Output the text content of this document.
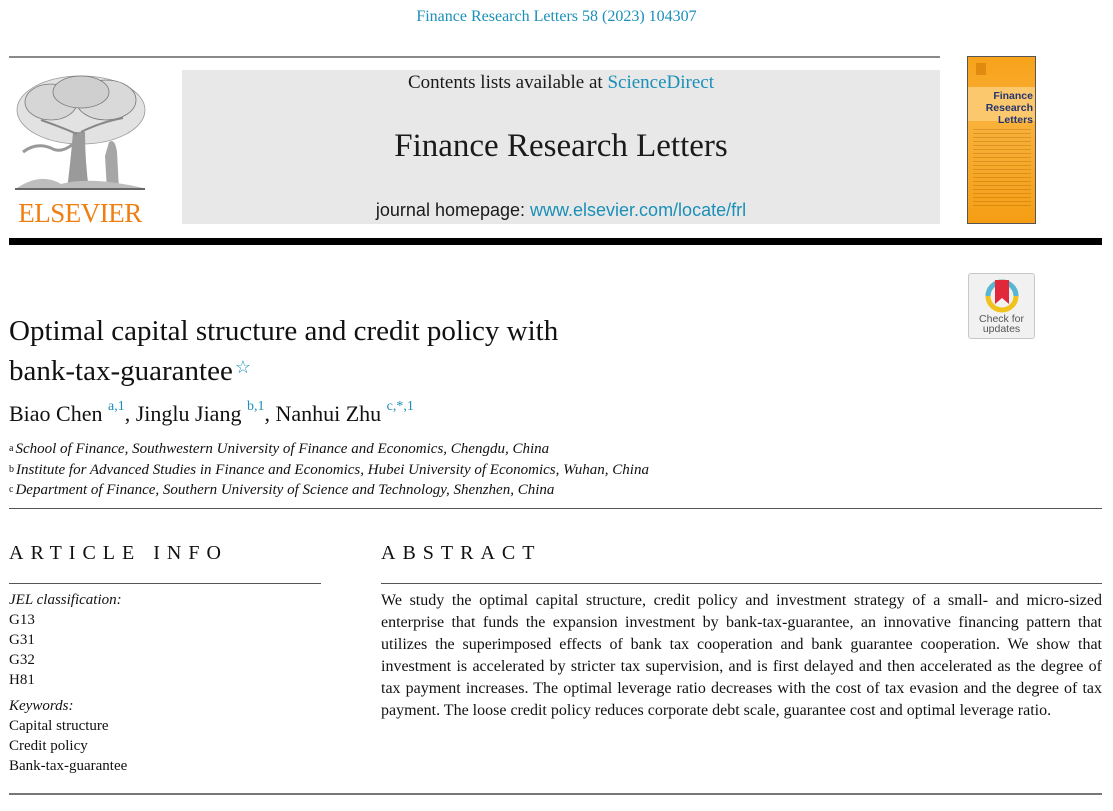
Finance Research Letters 58 (2023) 104307
ELSEVIER
Contents lists available at ScienceDirect
Finance Research Letters
journal homepage: www.elsevier.com/locate/frl
Finance Research
Letters
Check for
updates
Optimal capital structure and credit policy with
bank-tax-guarantee ☆
Biao Chen $^{a,1}$, Jinglu Jiang $^{b,1}$, Nanhui Zhu $^{c,*,1}$
$^a$ School of Finance, Southwestern University of Finance and Economics, Chengdu, China
$^b$ Institute for Advanced Studies in Finance and Economics, Hubei University of Economics, Wuhan, China
$^c$ Department of Finance, Southern University of Science and Technology, Shenzhen, China
ARTICLE INFO
JEL classification:
G13
G31
G32
H81
Keywords:
Capital structure
Credit policy
Bank-tax-guarantee
ABSTRACT
We study the optimal capital structure, credit policy and investment strategy of a small- and micro-sized enterprise that funds the expansion investment by bank-tax-guarantee, an innovative financing pattern that utilizes the superimposed effects of bank tax cooperation and bank guarantee cooperation. We show that investment is accelerated by stricter tax supervision, and is first delayed and then accelerated as the degree of tax payment increases. The optimal leverage ratio decreases with the cost of tax evasion and the degree of tax payment. The loose credit policy reduces corporate debt scale, guarantee cost and optimal leverage ratio.
